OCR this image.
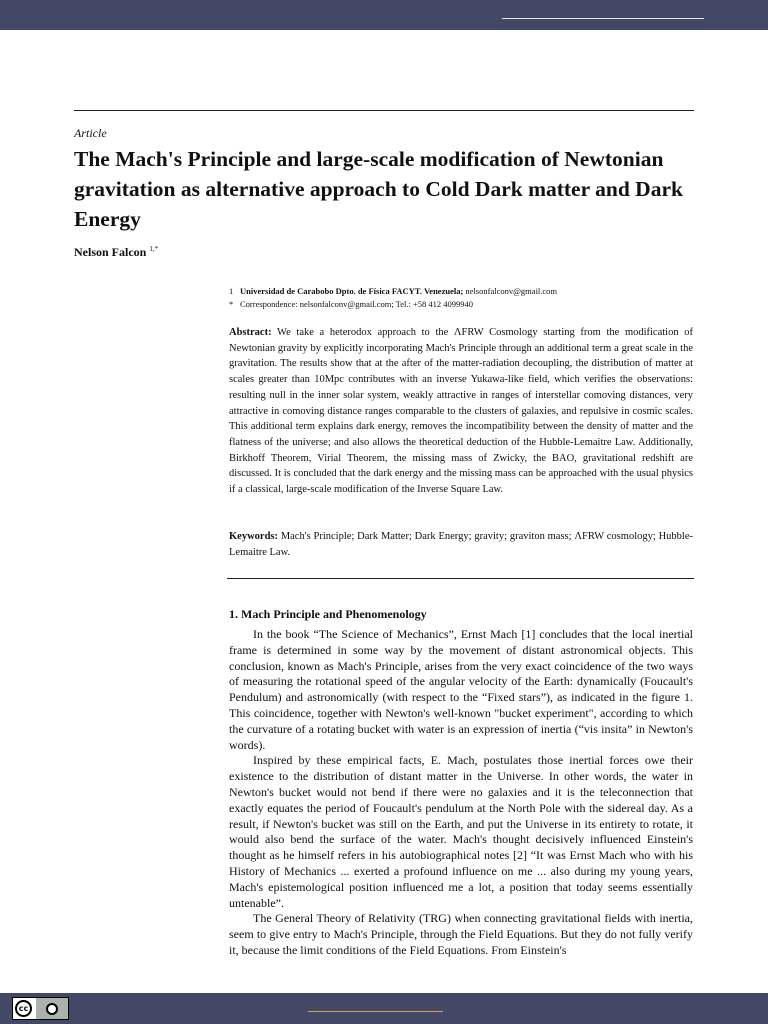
Article
The Mach's Principle and large-scale modification of Newtonian gravitation as alternative approach to Cold Dark matter and Dark Energy
Nelson Falcon $^{1,*}$
1 Universidad de Carabobo Dpto. de Física FACYT. Venezuela; nelsonfalconv@gmail.com
* Correspondence: nelsonfalconv@gmail.com; Tel.: +58 412 4099940

Abstract: We take a heterodox approach to the ΛFRW Cosmology starting from the modification of Newtonian gravity by explicitly incorporating Mach's Principle through an additional term a great scale in the gravitation. The results show that at the after of the matter-radiation decoupling, the distribution of matter at scales greater than 10Mpc contributes with an inverse Yukawa-like field, which verifies the observations: resulting null in the inner solar system, weakly attractive in ranges of interstellar comoving distances, very attractive in comoving distance ranges comparable to the clusters of galaxies, and repulsive in cosmic scales. This additional term explains dark energy, removes the incompatibility between the density of matter and the flatness of the universe; and also allows the theoretical deduction of the Hubble-Lemaitre Law. Additionally, Birkhoff Theorem, Virial Theorem, the missing mass of Zwicky, the BAO, gravitational redshift are discussed. It is concluded that the dark energy and the missing mass can be approached with the usual physics if a classical, large-scale modification of the Inverse Square Law.

Keywords: Mach's Principle; Dark Matter; Dark Energy; gravity; graviton mass; ΛFRW cosmology; Hubble-Lemaitre Law.

1. Mach Principle and Phenomenology

In the book “The Science of Mechanics”, Ernst Mach [1] concludes that the local inertial frame is determined in some way by the movement of distant astronomical objects. This conclusion, known as Mach's Principle, arises from the very exact coincidence of the two ways of measuring the rotational speed of the angular velocity of the Earth: dynamically (Foucault's Pendulum) and astronomically (with respect to the “Fixed stars”), as indicated in the figure 1. This coincidence, together with Newton's well-known "bucket experiment", according to which the curvature of a rotating bucket with water is an expression of inertia (“vis insita” in Newton's words).

Inspired by these empirical facts, E. Mach, postulates those inertial forces owe their existence to the distribution of distant matter in the Universe. In other words, the water in Newton's bucket would not bend if there were no galaxies and it is the teleconnection that exactly equates the period of Foucault's pendulum at the North Pole with the sidereal day. As a result, if Newton's bucket was still on the Earth, and put the Universe in its entirety to rotate, it would also bend the surface of the water. Mach's thought decisively influenced Einstein's thought as he himself refers in his autobiographical notes [2] “It was Ernst Mach who with his History of Mechanics ... exerted a profound influence on me ... also during my young years, Mach's epistemological position influenced me a lot, a position that today seems essentially untenable”.

The General Theory of Relativity (TRG) when connecting gravitational fields with inertia, seem to give entry to Mach's Principle, through the Field Equations. But they do not fully verify it, because the limit conditions of the Field Equations. From Einstein's

cc
